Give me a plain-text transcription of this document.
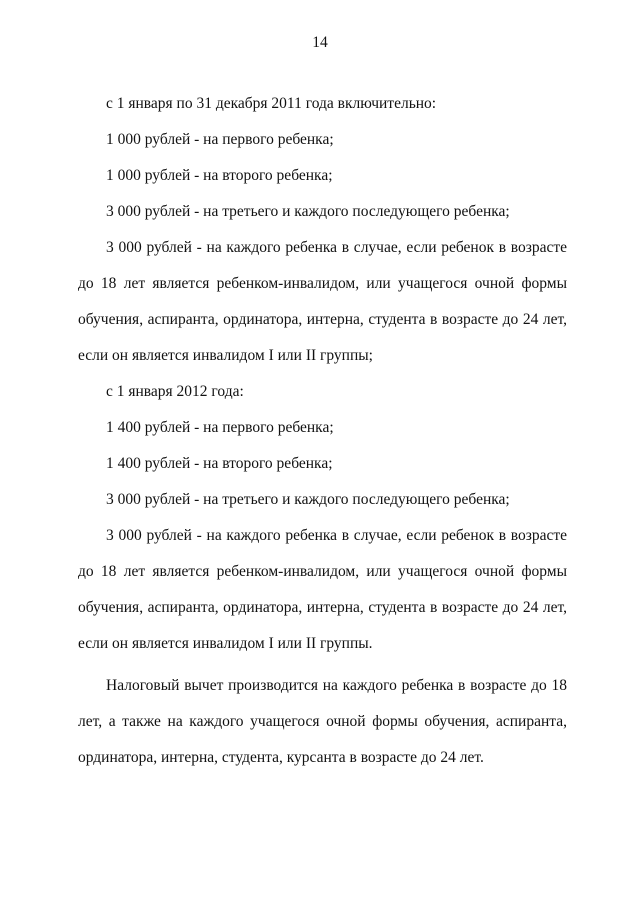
14

с 1 января по 31 декабря 2011 года включительно:

1 000 рублей - на первого ребенка;

1 000 рублей - на второго ребенка;

3 000 рублей - на третьего и каждого последующего ребенка;

3 000 рублей - на каждого ребенка в случае, если ребенок в возрасте до 18 лет является ребенком-инвалидом, или учащегося очной формы обучения, аспиранта, ординатора, интерна, студента в возрасте до 24 лет, если он является инвалидом I или II группы;

с 1 января 2012 года:

1 400 рублей - на первого ребенка;

1 400 рублей - на второго ребенка;

3 000 рублей - на третьего и каждого последующего ребенка;

3 000 рублей - на каждого ребенка в случае, если ребенок в возрасте до 18 лет является ребенком-инвалидом, или учащегося очной формы обучения, аспиранта, ординатора, интерна, студента в возрасте до 24 лет, если он является инвалидом I или II группы.

Налоговый вычет производится на каждого ребенка в возрасте до 18 лет, а также на каждого учащегося очной формы обучения, аспиранта, ординатора, интерна, студента, курсанта в возрасте до 24 лет.
